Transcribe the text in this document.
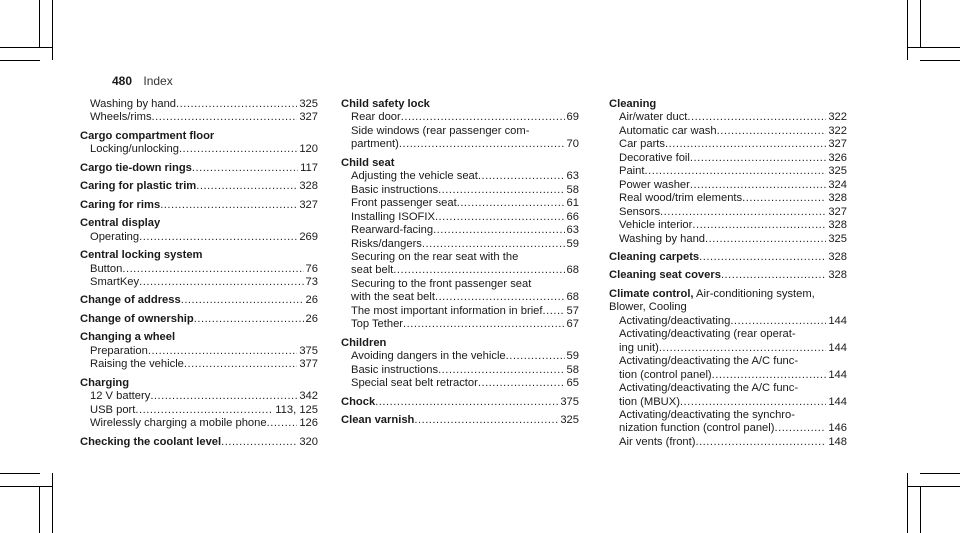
480 Index
Washing by hand .....	325
Wheels/rims .....	327
Cargo compartment floor
Locking/unlocking .....	120
Cargo tie-down rings .....	117
Caring for plastic trim .....	328
Caring for rims .....	327
Central display
Operating .....	269
Central locking system
Button .....	76
SmartKey .....	73
Change of address .....	26
Change of ownership .....	26
Changing a wheel
Preparation .....	375
Raising the vehicle .....	377
Charging
12 V battery .....	342
USB port .....	113, 125
Wirelessly charging a mobile phone .....	126
Checking the coolant level .....	320
Child safety lock
Rear door .....	69
Side windows (rear passenger com-
partment) .....	70
Child seat
Adjusting the vehicle seat .....	63
Basic instructions .....	58
Front passenger seat .....	61
Installing ISOFIX .....	66
Rearward-facing .....	63
Risks/dangers .....	59
Securing on the rear seat with the
seat belt .....	68
Securing to the front passenger seat
with the seat belt .....	68
The most important information in brief ..... 57
Top Tether .....	67
Children
Avoiding dangers in the vehicle .....	59
Basic instructions .....	58
Special seat belt retractor .....	65
Chock .....	375
Clean varnish .....	325
Cleaning
Air/water duct .....	322
Automatic car wash .....	322
Car parts .....	327
Decorative foil .....	326
Paint .....	325
Power washer .....	324
Real wood/trim elements .....	328
Sensors .....	327
Vehicle interior .....	328
Washing by hand .....	325
Cleaning carpets .....	328
Cleaning seat covers .....	328
Climate control, Air-conditioning system,
Blower, Cooling
Activating/deactivating .....	144
Activating/deactivating (rear operat-
ing unit) .....	144
Activating/deactivating the A/C func-
tion (control panel) .....	144
Activating/deactivating the A/C func-
tion (MBUX) .....	144
Activating/deactivating the synchro-
nization function (control panel) .....	146
Air vents (front) .....	148
